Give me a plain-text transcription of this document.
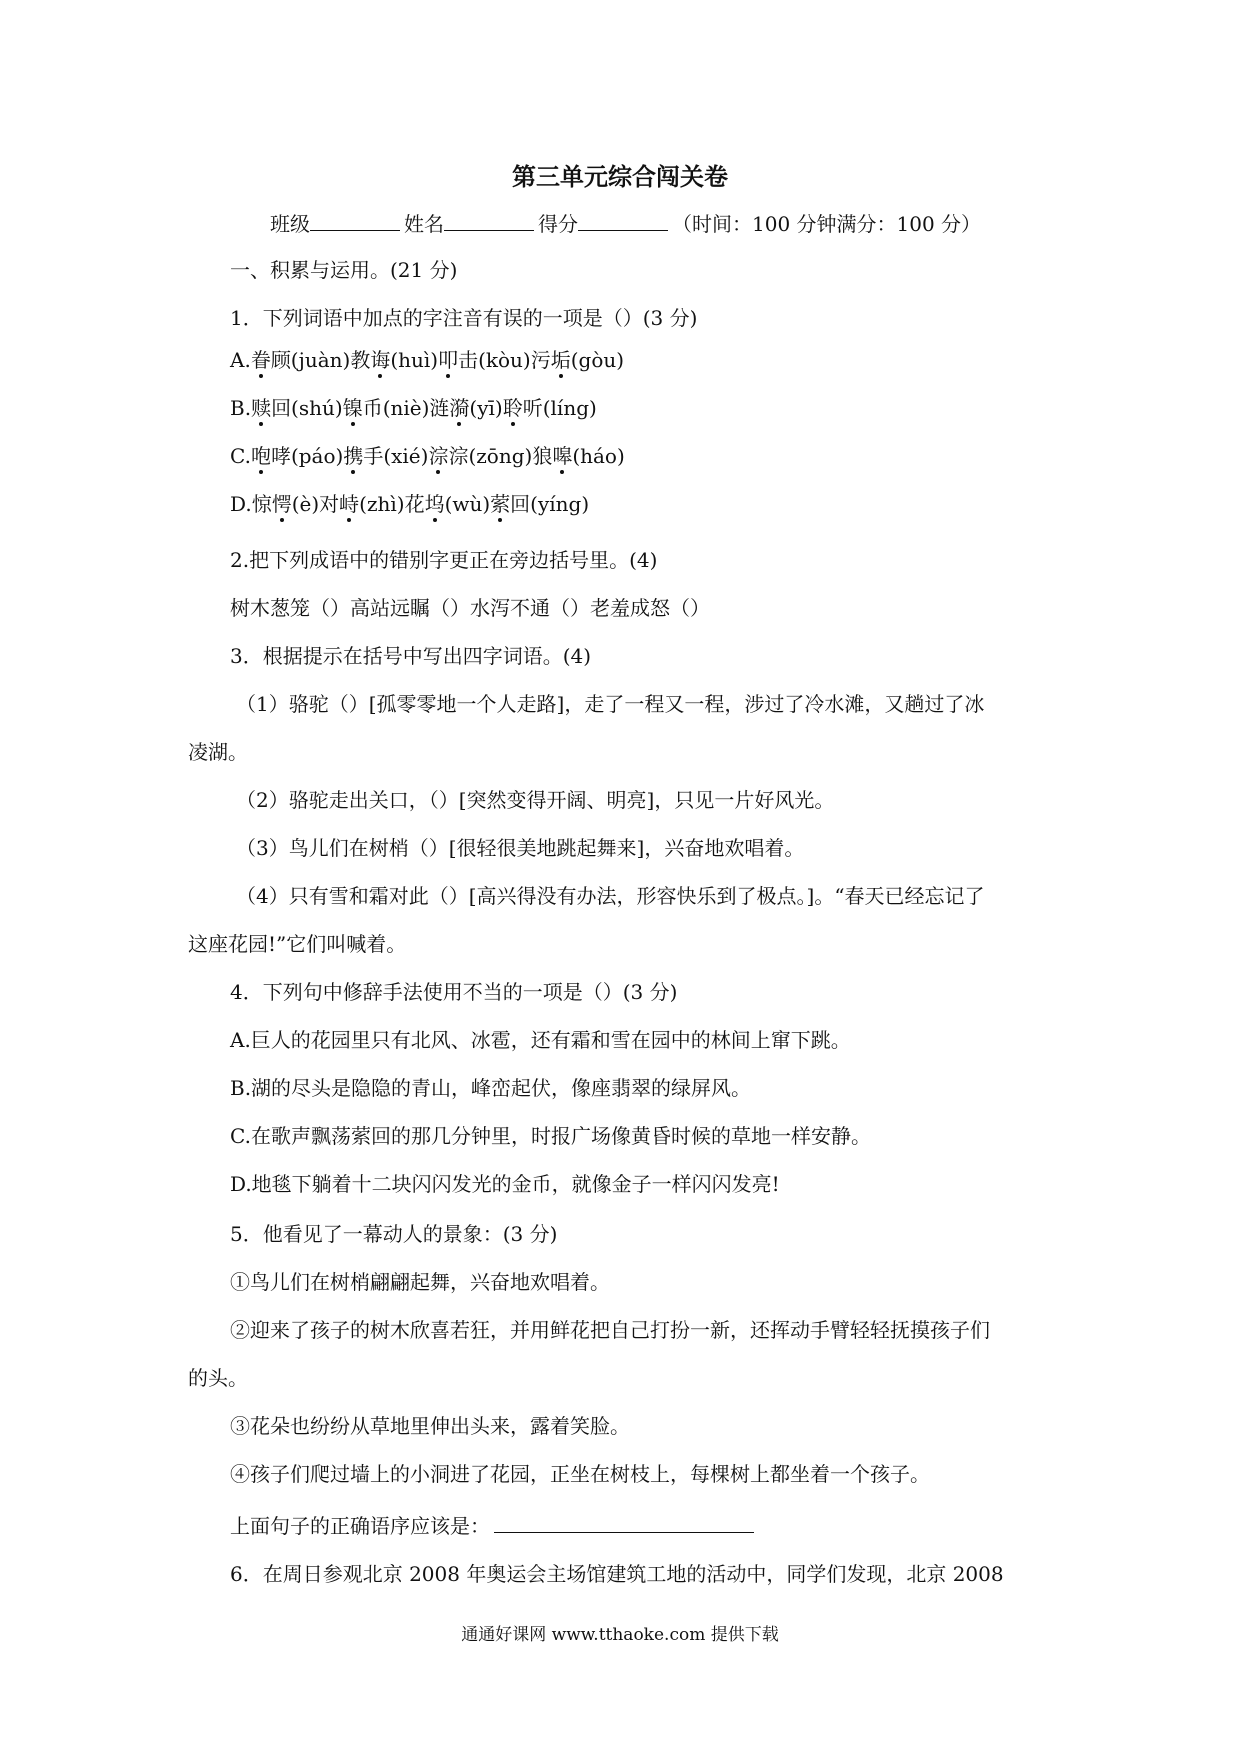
第三单元综合闯关卷
班级	姓名	得分	（时间：100 分钟满分：100 分）
一、积累与运用。(21 分)
1．下列词语中加点的字注音有误的一项是（）(3 分)
A.眷顾(juàn)教诲(huì)叩击(kòu)污垢(gòu)
B.赎回(shú)镍币(niè)涟漪(yī)聆听(líng)
C.咆哮(páo)携手(xié)淙淙(zōng)狼嗥(háo)
D.惊愕(è)对峙(zhì)花坞(wù)萦回(yíng)
2.把下列成语中的错别字更正在旁边括号里。(4)
树木葱笼（）高站远瞩（）水泻不通（）老羞成怒（）
3．根据提示在括号中写出四字词语。(4)
（1）骆驼（）[孤零零地一个人走路]，走了一程又一程，涉过了冷水滩，又趟过了冰
凌湖。
（2）骆驼走出关口，（）[突然变得开阔、明亮]，只见一片好风光。
（3）鸟儿们在树梢（）[很轻很美地跳起舞来]，兴奋地欢唱着。
（4）只有雪和霜对此（）[高兴得没有办法，形容快乐到了极点。]。“春天已经忘记了
这座花园!”它们叫喊着。
4．下列句中修辞手法使用不当的一项是（）(3 分)
A.巨人的花园里只有北风、冰雹，还有霜和雪在园中的林间上窜下跳。
B.湖的尽头是隐隐的青山，峰峦起伏，像座翡翠的绿屏风。
C.在歌声飘荡萦回的那几分钟里，时报广场像黄昏时候的草地一样安静。
D.地毯下躺着十二块闪闪发光的金币，就像金子一样闪闪发亮!
5．他看见了一幕动人的景象：(3 分)
①鸟儿们在树梢翩翩起舞，兴奋地欢唱着。
②迎来了孩子的树木欣喜若狂，并用鲜花把自己打扮一新，还挥动手臂轻轻抚摸孩子们
的头。
③花朵也纷纷从草地里伸出头来，露着笑脸。
④孩子们爬过墙上的小洞进了花园，正坐在树枝上，每棵树上都坐着一个孩子。
上面句子的正确语序应该是：
6．在周日参观北京 2008 年奥运会主场馆建筑工地的活动中，同学们发现，北京 2008
通通好课网 www.tthaoke.com 提供下载
